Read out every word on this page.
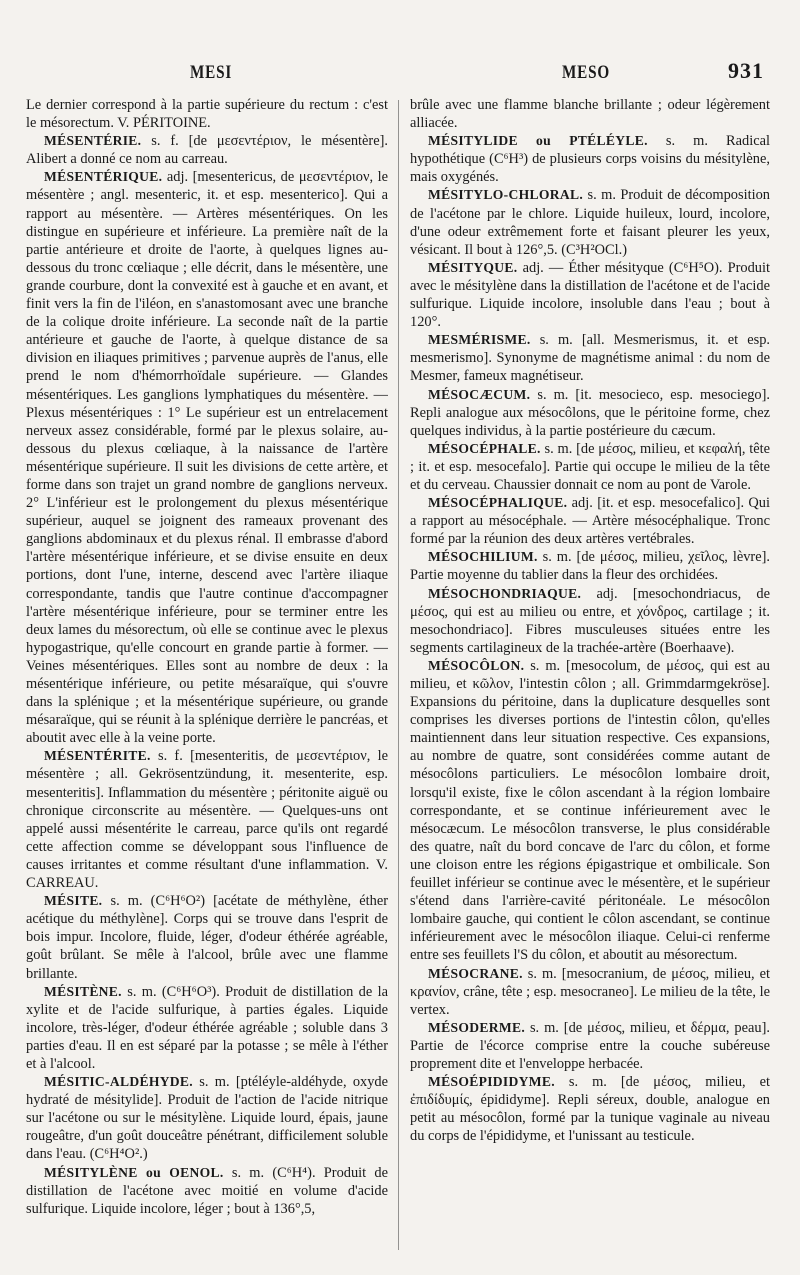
MESI	MESO	931

Le dernier correspond à la partie supérieure du rectum : c'est le mésorectum. V. PÉRITOINE.

MÉSENTÉRIE. s. f. [de μεσεντέριον, le mésentère]. Alibert a donné ce nom au carreau.

MÉSENTÉRIQUE. adj. [mesentericus, de μεσεντέριον, le mésentère ; angl. mesenteric, it. et esp. mesenterico]. Qui a rapport au mésentère. — Artères mésentériques. On les distingue en supérieure et inférieure. La première naît de la partie antérieure et droite de l'aorte, à quelques lignes au-dessous du tronc cœliaque ; elle décrit, dans le mésentère, une grande courbure, dont la convexité est à gauche et en avant, et finit vers la fin de l'iléon, en s'anastomosant avec une branche de la colique droite inférieure. La seconde naît de la partie antérieure et gauche de l'aorte, à quelque distance de sa division en iliaques primitives ; parvenue auprès de l'anus, elle prend le nom d'hémorrhoïdale supérieure. — Glandes mésentériques. Les ganglions lymphatiques du mésentère. — Plexus mésentériques : 1° Le supérieur est un entrelacement nerveux assez considérable, formé par le plexus solaire, au-dessous du plexus cœliaque, à la naissance de l'artère mésentérique supérieure. Il suit les divisions de cette artère, et forme dans son trajet un grand nombre de ganglions nerveux. 2° L'inférieur est le prolongement du plexus mésentérique supérieur, auquel se joignent des rameaux provenant des ganglions abdominaux et du plexus rénal. Il embrasse d'abord l'artère mésentérique inférieure, et se divise ensuite en deux portions, dont l'une, interne, descend avec l'artère iliaque correspondante, tandis que l'autre continue d'accompagner l'artère mésentérique inférieure, pour se terminer entre les deux lames du mésorectum, où elle se continue avec le plexus hypogastrique, qu'elle concourt en grande partie à former. — Veines mésentériques. Elles sont au nombre de deux : la mésentérique inférieure, ou petite mésaraïque, qui s'ouvre dans la splénique ; et la mésentérique supérieure, ou grande mésaraïque, qui se réunit à la splénique derrière le pancréas, et aboutit avec elle à la veine porte.

MÉSENTÉRITE. s. f. [mesenteritis, de μεσεντέριον, le mésentère ; all. Gekrösentzündung, it. mesenterite, esp. mesenteritis]. Inflammation du mésentère ; péritonite aiguë ou chronique circonscrite au mésentère. — Quelques-uns ont appelé aussi mésentérite le carreau, parce qu'ils ont regardé cette affection comme se développant sous l'influence de causes irritantes et comme résultant d'une inflammation. V. CARREAU.

MÉSITE. s. m. (C⁶H⁶O²) [acétate de méthylène, éther acétique du méthylène]. Corps qui se trouve dans l'esprit de bois impur. Incolore, fluide, léger, d'odeur éthérée agréable, goût brûlant. Se mêle à l'alcool, brûle avec une flamme brillante.

MÉSITÈNE. s. m. (C⁶H⁶O³). Produit de distillation de la xylite et de l'acide sulfurique, à parties égales. Liquide incolore, très-léger, d'odeur éthérée agréable ; soluble dans 3 parties d'eau. Il en est séparé par la potasse ; se mêle à l'éther et à l'alcool.

MÉSITIC-ALDÉHYDE. s. m. [ptéléyle-aldéhyde, oxyde hydraté de mésitylide]. Produit de l'action de l'acide nitrique sur l'acétone ou sur le mésitylène. Liquide lourd, épais, jaune rougeâtre, d'un goût douceâtre pénétrant, difficilement soluble dans l'eau. (C⁶H⁴O².)

MÉSITYLÈNE ou OENOL. s. m. (C⁶H⁴). Produit de distillation de l'acétone avec moitié en volume d'acide sulfurique. Liquide incolore, léger ; bout à 136°,5,

brûle avec une flamme blanche brillante ; odeur légèrement alliacée.

MÉSITYLIDE ou PTÉLÉYLE. s. m. Radical hypothétique (C⁶H³) de plusieurs corps voisins du mésitylène, mais oxygénés.

MÉSITYLO-CHLORAL. s. m. Produit de décomposition de l'acétone par le chlore. Liquide huileux, lourd, incolore, d'une odeur extrêmement forte et faisant pleurer les yeux, vésicant. Il bout à 126°,5. (C³H²OCl.)

MÉSITYQUE. adj. — Éther mésityque (C⁶H⁵O). Produit avec le mésitylène dans la distillation de l'acétone et de l'acide sulfurique. Liquide incolore, insoluble dans l'eau ; bout à 120°.

MESMÉRISME. s. m. [all. Mesmerismus, it. et esp. mesmerismo]. Synonyme de magnétisme animal : du nom de Mesmer, fameux magnétiseur.

MÉSOCÆCUM. s. m. [it. mesocieco, esp. mesociego]. Repli analogue aux mésocôlons, que le péritoine forme, chez quelques individus, à la partie postérieure du cæcum.

MÉSOCÉPHALE. s. m. [de μέσος, milieu, et κεφαλή, tête ; it. et esp. mesocefalo]. Partie qui occupe le milieu de la tête et du cerveau. Chaussier donnait ce nom au pont de Varole.

MÉSOCÉPHALIQUE. adj. [it. et esp. mesocefalico]. Qui a rapport au mésocéphale. — Artère mésocéphalique. Tronc formé par la réunion des deux artères vertébrales.

MÉSOCHILIUM. s. m. [de μέσος, milieu, χεῖλος, lèvre]. Partie moyenne du tablier dans la fleur des orchidées.

MÉSOCHONDRIAQUE. adj. [mesochondriacus, de μέσος, qui est au milieu ou entre, et χόνδρος, cartilage ; it. mesochondriaco]. Fibres musculeuses situées entre les segments cartilagineux de la trachée-artère (Boerhaave).

MÉSOCÔLON. s. m. [mesocolum, de μέσος, qui est au milieu, et κῶλον, l'intestin côlon ; all. Grimmdarmgekröse]. Expansions du péritoine, dans la duplicature desquelles sont comprises les diverses portions de l'intestin côlon, qu'elles maintiennent dans leur situation respective. Ces expansions, au nombre de quatre, sont considérées comme autant de mésocôlons particuliers. Le mésocôlon lombaire droit, lorsqu'il existe, fixe le côlon ascendant à la région lombaire correspondante, et se continue inférieurement avec le mésocæcum. Le mésocôlon transverse, le plus considérable des quatre, naît du bord concave de l'arc du côlon, et forme une cloison entre les régions épigastrique et ombilicale. Son feuillet inférieur se continue avec le mésentère, et le supérieur s'étend dans l'arrière-cavité péritonéale. Le mésocôlon lombaire gauche, qui contient le côlon ascendant, se continue inférieurement avec le mésocôlon iliaque. Celui-ci renferme entre ses feuillets l'S du côlon, et aboutit au mésorectum.

MÉSOCRANE. s. m. [mesocranium, de μέσος, milieu, et κρανίον, crâne, tête ; esp. mesocraneo]. Le milieu de la tête, le vertex.

MÉSODERME. s. m. [de μέσος, milieu, et δέρμα, peau]. Partie de l'écorce comprise entre la couche subéreuse proprement dite et l'enveloppe herbacée.

MÉSOÉPIDIDYME. s. m. [de μέσος, milieu, et ἐπιδίδυμίς, épididyme]. Repli séreux, double, analogue en petit au mésocôlon, formé par la tunique vaginale au niveau du corps de l'épididyme, et l'unissant au testicule.
